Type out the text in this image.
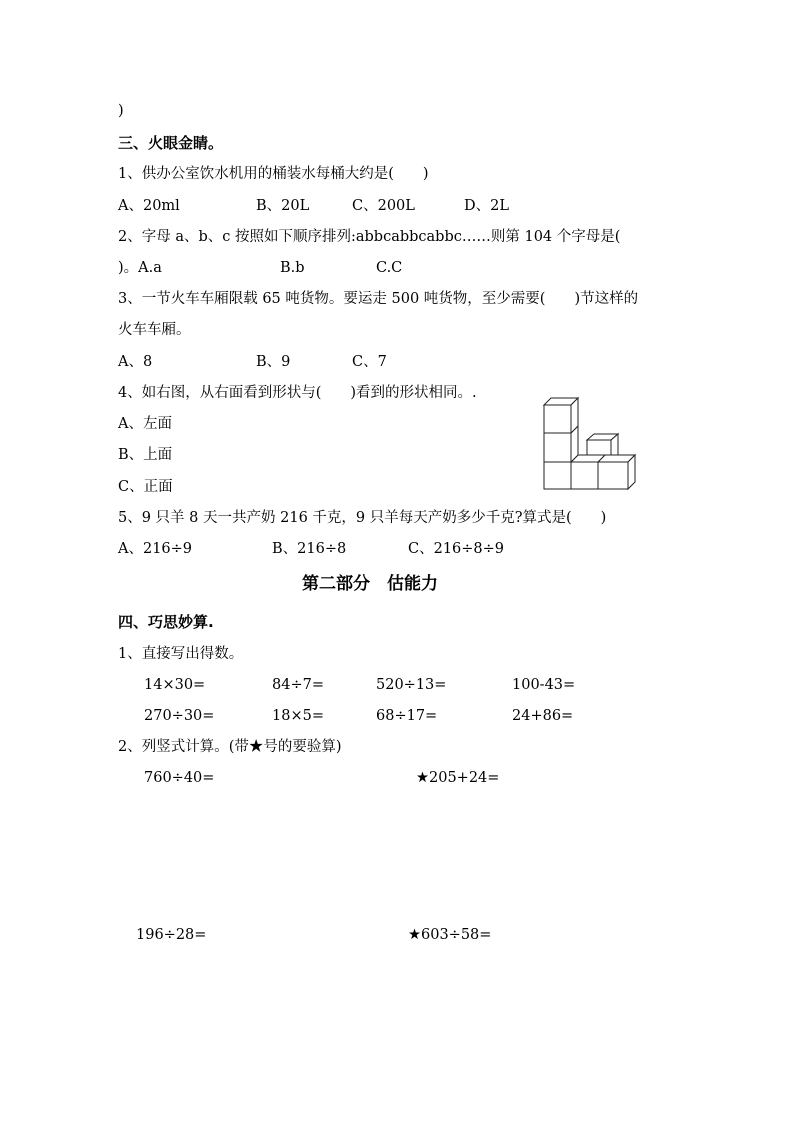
)
三、火眼金睛。
1、供办公室饮水机用的桶装水每桶大约是(　　)
A、20ml	B、20L	C、200L	D、2L
2、字母 a、b、c 按照如下顺序排列:abbcabbcabbc……则第 104 个字母是(
)。A.a	B.b	C.C
3、一节火车车厢限载 65 吨货物。要运走 500 吨货物，至少需要(　　)节这样的
火车车厢。
A、8	B、9	C、7
4、如右图，从右面看到形状与(　　)看到的形状相同。.
A、左面
B、上面
C、正面
5、9 只羊 8 天一共产奶 216 千克，9 只羊每天产奶多少千克?算式是(　　)
A、216÷9	B、216÷8	C、216÷8÷9
第二部分　估能力
四、巧思妙算.
1、直接写出得数。
14×30=	84÷7=	520÷13=	100-43=
270÷30=	18×5=	68÷17=	24+86=
2、列竖式计算。(带★号的要验算)
760÷40=	★205+24=
196÷28=	★603÷58=
